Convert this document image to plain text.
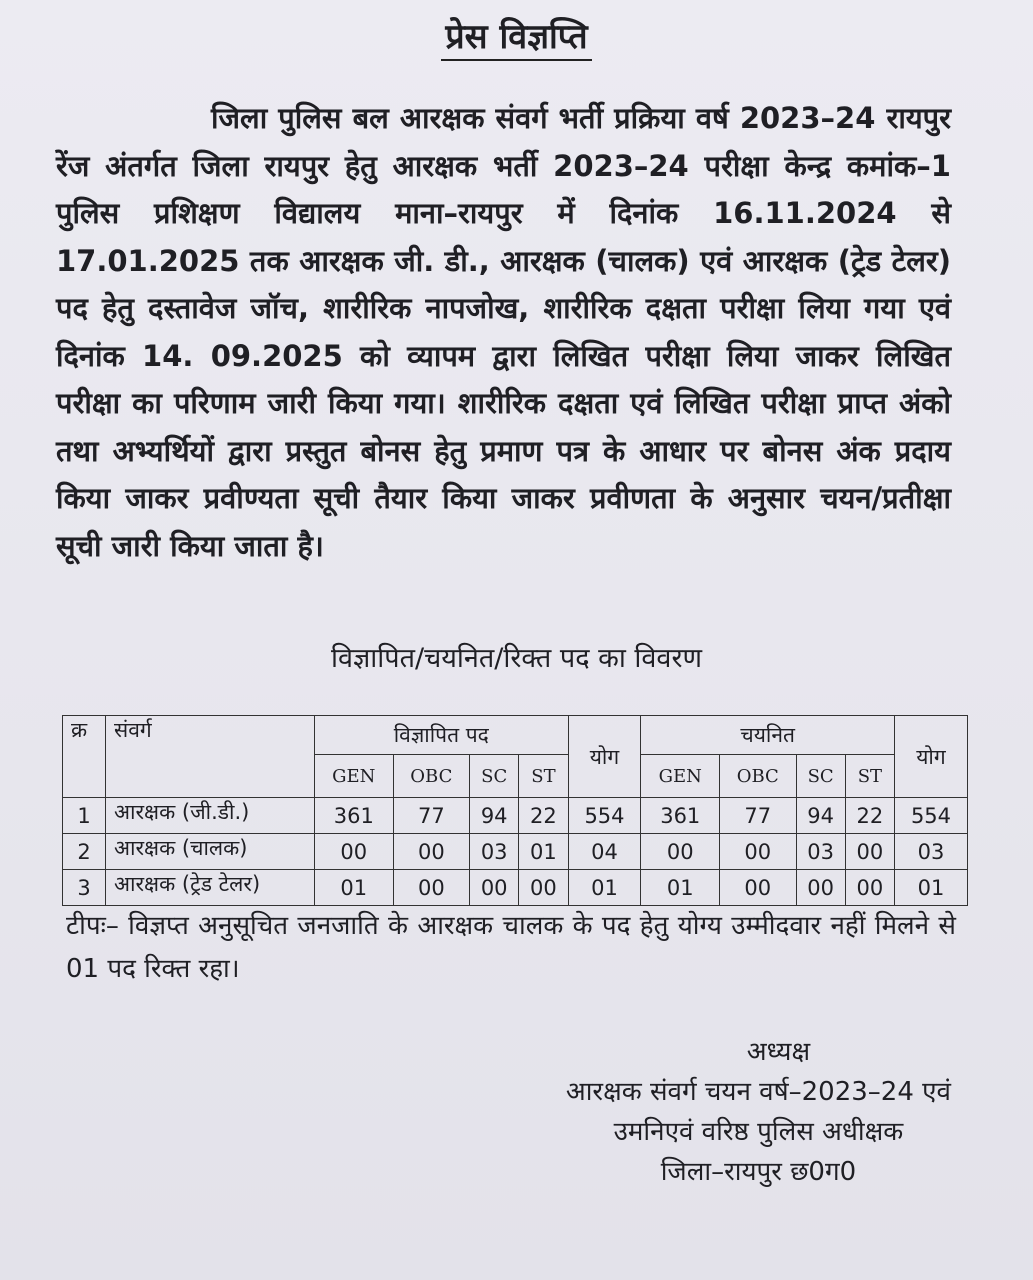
प्रेस विज्ञप्ति
जिला पुलिस बल आरक्षक संवर्ग भर्ती प्रक्रिया वर्ष 2023–24 रायपुर रेंज अंतर्गत जिला रायपुर हेतु आरक्षक भर्ती 2023–24 परीक्षा केन्द्र कमांक–1 पुलिस प्रशिक्षण विद्यालय माना–रायपुर में दिनांक 16.11.2024 से 17.01.2025 तक आरक्षक जी. डी., आरक्षक (चालक) एवं आरक्षक (ट्रेड टेलर) पद हेतु दस्तावेज जॉच, शारीरिक नापजोख, शारीरिक दक्षता परीक्षा लिया गया एवं दिनांक 14. 09.2025 को व्यापम द्वारा लिखित परीक्षा लिया जाकर लिखित परीक्षा का परिणाम जारी किया गया। शारीरिक दक्षता एवं लिखित परीक्षा प्राप्त अंको तथा अभ्यर्थियों द्वारा प्रस्तुत बोनस हेतु प्रमाण पत्र के आधार पर बोनस अंक प्रदाय किया जाकर प्रवीण्यता सूची तैयार किया जाकर प्रवीणता के अनुसार चयन/प्रतीक्षा सूची जारी किया जाता है।
विज्ञापित/चयनित/रिक्त पद का विवरण
क्र	संवर्ग	विज्ञापित पद				योग	चयनित				योग
		GEN	OBC	SC	ST		GEN	OBC	SC	ST	
1	आरक्षक (जी.डी.)	361	77	94	22	554	361	77	94	22	554
2	आरक्षक (चालक)	00	00	03	01	04	00	00	03	00	03
3	आरक्षक (ट्रेड टेलर)	01	00	00	00	01	01	00	00	00	01
टीपः– विज्ञप्त अनुसूचित जनजाति के आरक्षक चालक के पद हेतु योग्य उम्मीदवार नहीं मिलने से 01 पद रिक्त रहा।
अध्यक्ष
आरक्षक संवर्ग चयन वर्ष–2023–24 एवं
उमनिएवं वरिष्ठ पुलिस अधीक्षक
जिला–रायपुर छ0ग0
